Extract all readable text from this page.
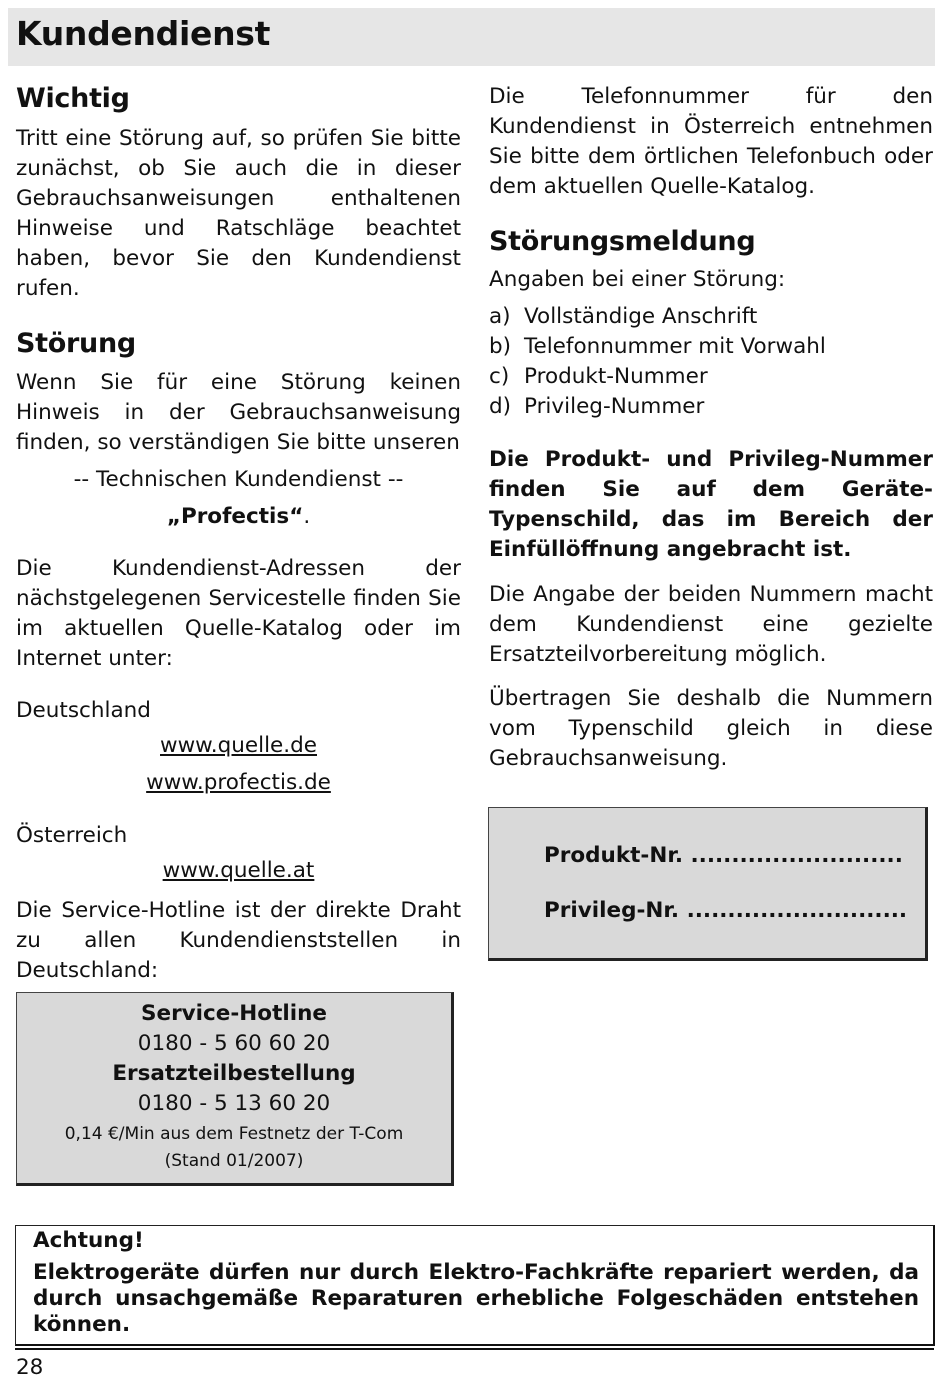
Kundendienst
Wichtig

Tritt eine Störung auf, so prüfen Sie bitte zunächst, ob Sie auch die in dieser Gebrauchsanweisungen enthaltenen Hinweise und Ratschläge beachtet haben, bevor Sie den Kundendienst rufen.

Störung

Wenn Sie für eine Störung keinen Hinweis in der Gebrauchsanweisung finden, so verständigen Sie bitte unseren

-- Technischen Kundendienst --

„Profectis“.

Die Kundendienst-Adressen der nächstgelegenen Servicestelle finden Sie im aktuellen Quelle-Katalog oder im Internet unter:

Deutschland

www.quelle.de
www.profectis.de

Österreich

www.quelle.at

Die Service-Hotline ist der direkte Draht zu allen Kundendienststellen in Deutschland:

Service-Hotline
0180 - 5 60 60 20
Ersatzteilbestellung
0180 - 5 13 60 20
0,14 €/Min aus dem Festnetz der T-Com
(Stand 01/2007)

Die Telefonnummer für den Kundendienst in Österreich entnehmen Sie bitte dem örtlichen Telefonbuch oder dem aktuellen Quelle-Katalog.

Störungsmeldung

Angaben bei einer Störung:

a) Vollständige Anschrift
b) Telefonnummer mit Vorwahl
c) Produkt-Nummer
d) Privileg-Nummer

Die Produkt- und Privileg-Nummer finden Sie auf dem Geräte-Typenschild, das im Bereich der Einfüllöffnung angebracht ist.

Die Angabe der beiden Nummern macht dem Kundendienst eine gezielte Ersatzteilvorbereitung möglich.

Übertragen Sie deshalb die Nummern vom Typenschild gleich in diese Gebrauchsanweisung.

Produkt-Nr. ..........................
Privileg-Nr. ...........................

Achtung!

Elektrogeräte dürfen nur durch Elektro-Fachkräfte repariert werden, da durch unsachgemäße Reparaturen erhebliche Folgeschäden entstehen können.

28
